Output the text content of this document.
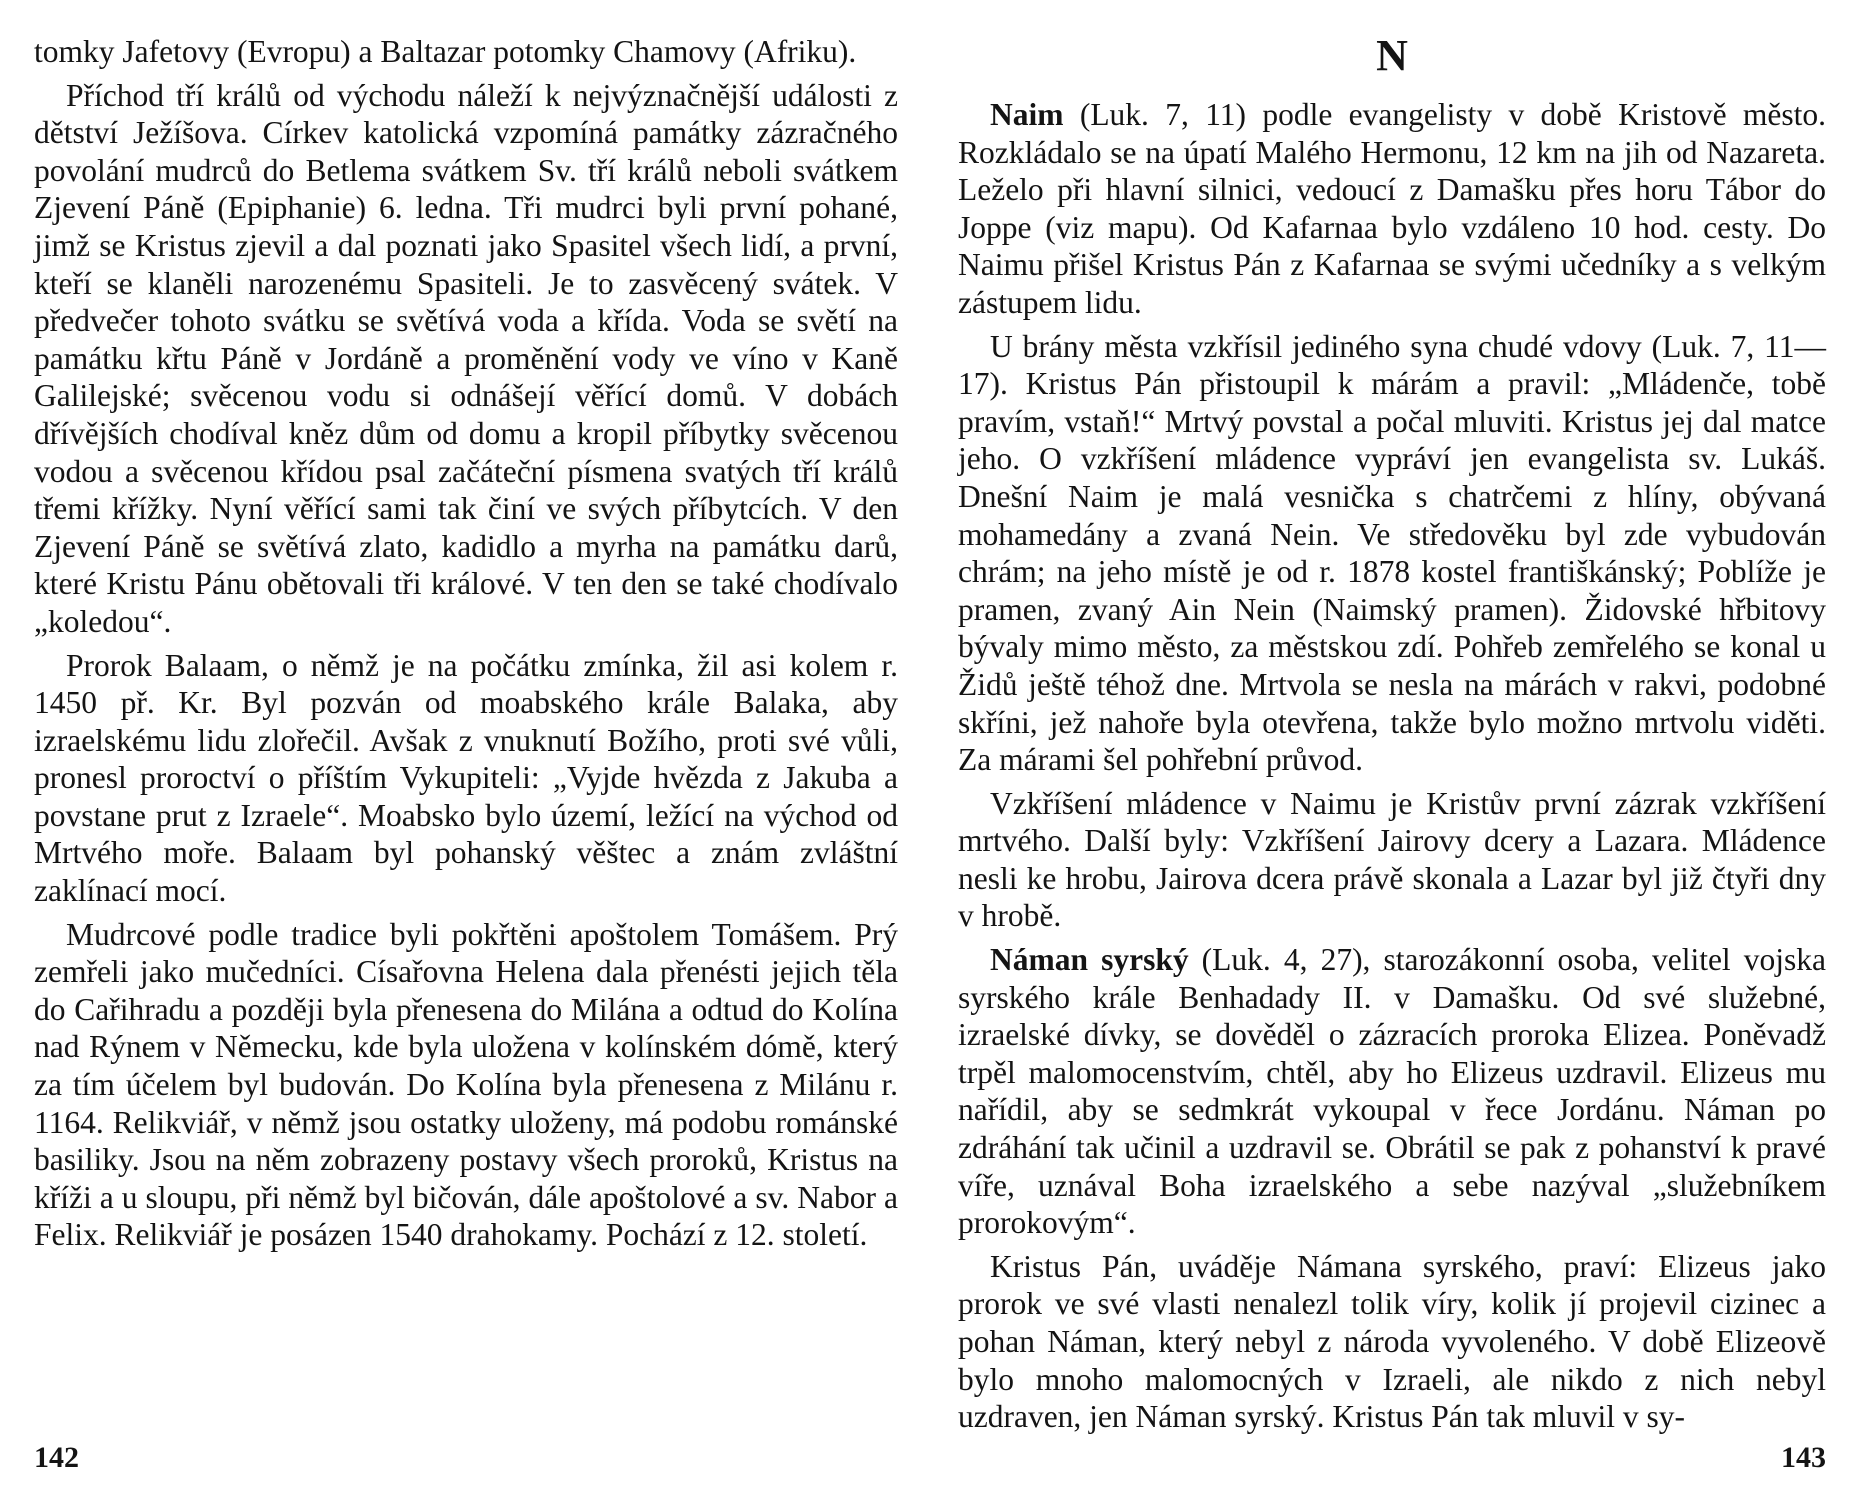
tomky Jafetovy (Evropu) a Baltazar potomky Chamovy (Afriku).

Příchod tří králů od východu náleží k nejvýznačnější události z dětství Ježíšova. Církev katolická vzpomíná památky zázračného povolání mudrců do Betlema svátkem Sv. tří králů neboli svátkem Zjevení Páně (Epiphanie) 6. ledna. Tři mudrci byli první pohané, jimž se Kristus zjevil a dal poznati jako Spasitel všech lidí, a první, kteří se klaněli narozenému Spasiteli. Je to zasvěcený svátek. V předvečer tohoto svátku se světívá voda a křída. Voda se světí na památku křtu Páně v Jordáně a proměnění vody ve víno v Kaně Galilejské; svěcenou vodu si odnášejí věřící domů. V dobách dřívějších chodíval kněz dům od domu a kropil příbytky svěcenou vodou a svěcenou křídou psal začáteční písmena svatých tří králů třemi křížky. Nyní věřící sami tak činí ve svých příbytcích. V den Zjevení Páně se světívá zlato, kadidlo a myrha na památku darů, které Kristu Pánu obětovali tři králové. V ten den se také chodívalo „koledou“.

Prorok Balaam, o němž je na počátku zmínka, žil asi kolem r. 1450 př. Kr. Byl pozván od moabského krále Balaka, aby izraelskému lidu zlořečil. Avšak z vnuknutí Božího, proti své vůli, pronesl proroctví o příštím Vykupiteli: „Vyjde hvězda z Jakuba a povstane prut z Izraele“. Moabsko bylo území, ležící na východ od Mrtvého moře. Balaam byl pohanský věštec a znám zvláštní zaklínací mocí.

Mudrcové podle tradice byli pokřtěni apoštolem Tomášem. Prý zemřeli jako mučedníci. Císařovna Helena dala přenésti jejich těla do Cařihradu a později byla přenesena do Milána a odtud do Kolína nad Rýnem v Německu, kde byla uložena v kolínském dómě, který za tím účelem byl budován. Do Kolína byla přenesena z Milánu r. 1164. Relikviář, v němž jsou ostatky uloženy, má podobu románské basiliky. Jsou na něm zobrazeny postavy všech proroků, Kristus na kříži a u sloupu, při němž byl bičován, dále apoštolové a sv. Nabor a Felix. Relikviář je posázen 1540 drahokamy. Pochází z 12. století.

142
N

Naim (Luk. 7, 11) podle evangelisty v době Kristově město. Rozkládalo se na úpatí Malého Hermonu, 12 km na jih od Nazareta. Leželo při hlavní silnici, vedoucí z Damašku přes horu Tábor do Joppe (viz mapu). Od Kafarnaa bylo vzdáleno 10 hod. cesty. Do Naimu přišel Kristus Pán z Kafarnaa se svými učedníky a s velkým zástupem lidu.

U brány města vzkřísil jediného syna chudé vdovy (Luk. 7, 11—17). Kristus Pán přistoupil k márám a pravil: „Mládenče, tobě pravím, vstaň!“ Mrtvý povstal a počal mluviti. Kristus jej dal matce jeho. O vzkříšení mládence vypráví jen evangelista sv. Lukáš. Dnešní Naim je malá vesnička s chatrčemi z hlíny, obývaná mohamedány a zvaná Nein. Ve středověku byl zde vybudován chrám; na jeho místě je od r. 1878 kostel františkánský; Poblíže je pramen, zvaný Ain Nein (Naimský pramen). Židovské hřbitovy bývaly mimo město, za městskou zdí. Pohřeb zemřelého se konal u Židů ještě téhož dne. Mrtvola se nesla na márách v rakvi, podobné skříni, jež nahoře byla otevřena, takže bylo možno mrtvolu viděti. Za márami šel pohřební průvod.

Vzkříšení mládence v Naimu je Kristův první zázrak vzkříšení mrtvého. Další byly: Vzkříšení Jairovy dcery a Lazara. Mládence nesli ke hrobu, Jairova dcera právě skonala a Lazar byl již čtyři dny v hrobě.

Náman syrský (Luk. 4, 27), starozákonní osoba, velitel vojska syrského krále Benhadady II. v Damašku. Od své služebné, izraelské dívky, se dověděl o zázracích proroka Elizea. Poněvadž trpěl malomocenstvím, chtěl, aby ho Elizeus uzdravil. Elizeus mu nařídil, aby se sedmkrát vykoupal v řece Jordánu. Náman po zdráhání tak učinil a uzdravil se. Obrátil se pak z pohanství k pravé víře, uznával Boha izraelského a sebe nazýval „služebníkem prorokovým“.

Kristus Pán, uváděje Námana syrského, praví: Elizeus jako prorok ve své vlasti nenalezl tolik víry, kolik jí projevil cizinec a pohan Náman, který nebyl z národa vyvoleného. V době Elizeově bylo mnoho malomocných v Izraeli, ale nikdo z nich nebyl uzdraven, jen Náman syrský. Kristus Pán tak mluvil v sy-

143
